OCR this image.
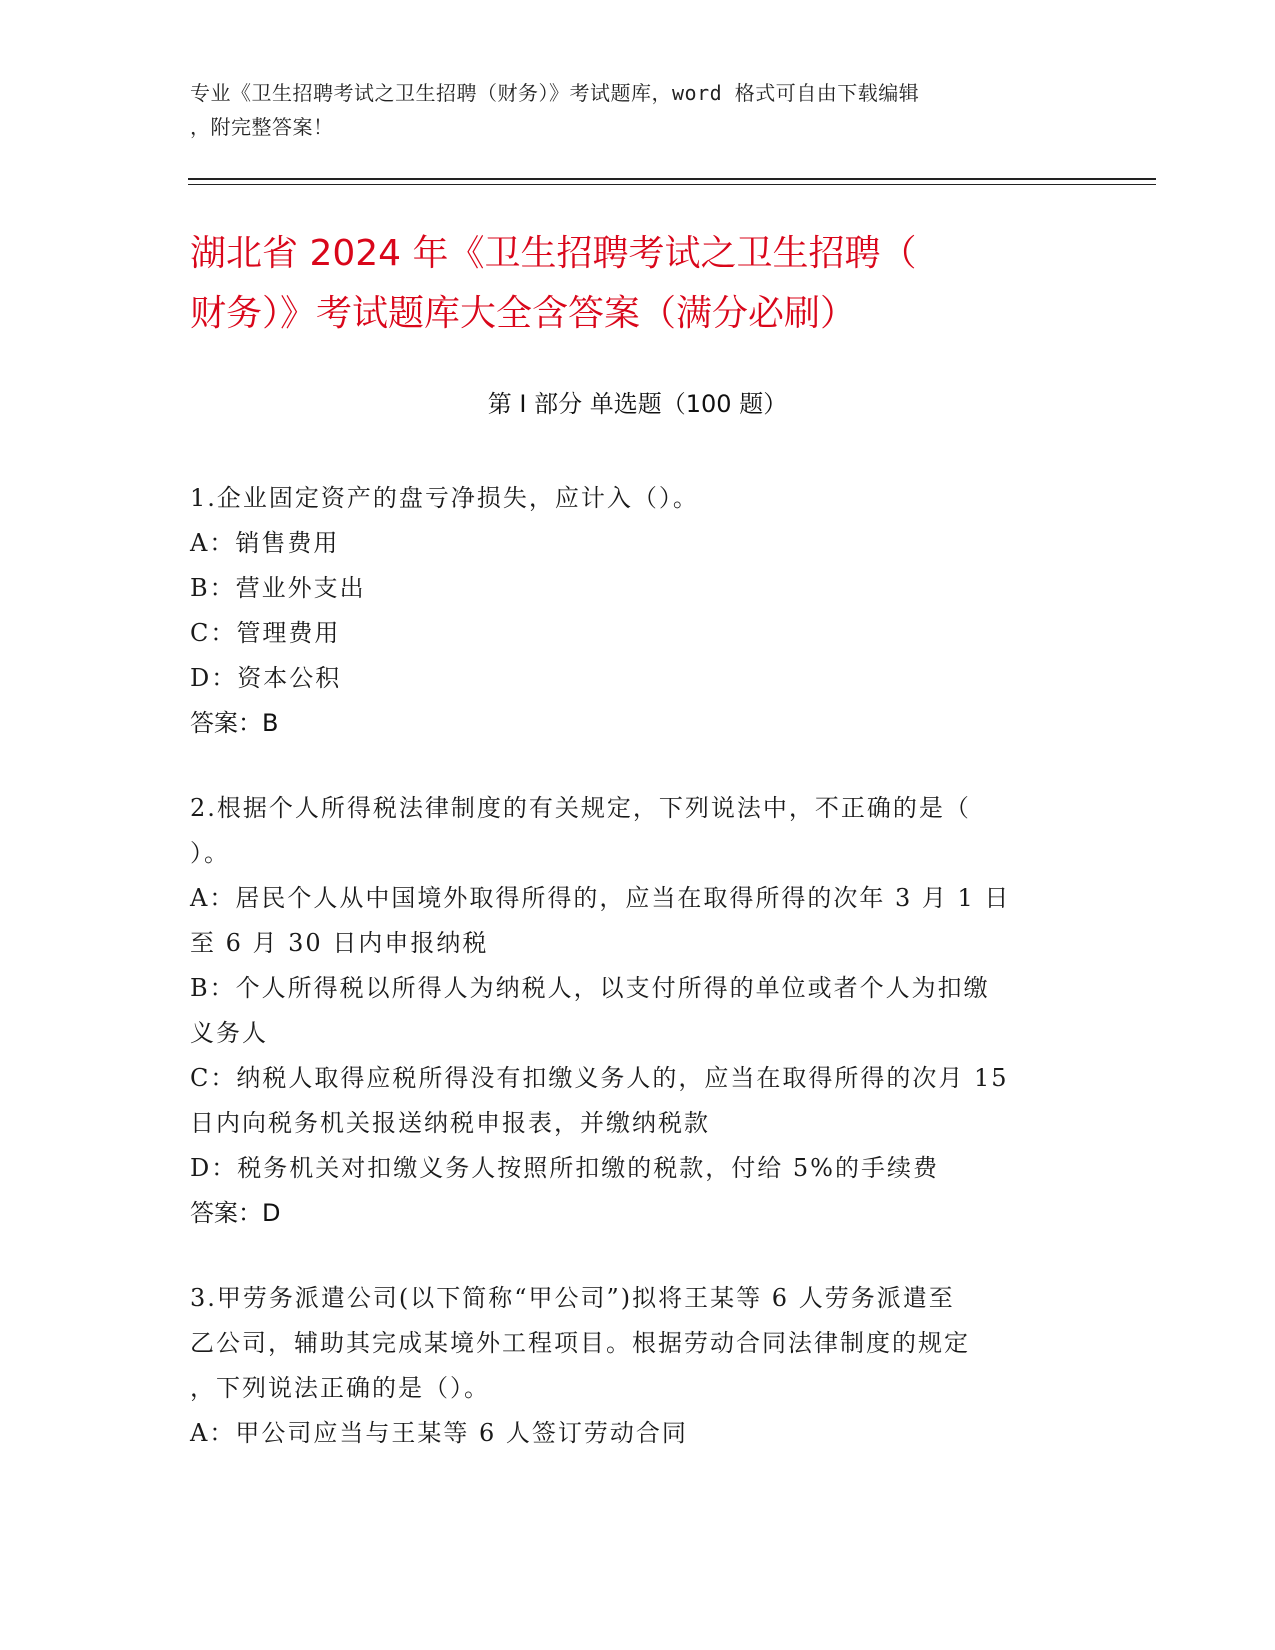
专业《卫生招聘考试之卫生招聘（财务）》考试题库，word 格式可自由下载编辑
，附完整答案！
湖北省 2024 年《卫生招聘考试之卫生招聘（
财务）》考试题库大全含答案（满分必刷）
第 I 部分 单选题（100 题）
1.企业固定资产的盘亏净损失，应计入（）。
A：销售费用
B：营业外支出
C：管理费用
D：资本公积
答案：B
2.根据个人所得税法律制度的有关规定，下列说法中，不正确的是（
）。
A：居民个人从中国境外取得所得的，应当在取得所得的次年 3 月 1 日
至 6 月 30 日内申报纳税
B：个人所得税以所得人为纳税人，以支付所得的单位或者个人为扣缴
义务人
C：纳税人取得应税所得没有扣缴义务人的，应当在取得所得的次月 15
日内向税务机关报送纳税申报表，并缴纳税款
D：税务机关对扣缴义务人按照所扣缴的税款，付给 5%的手续费
答案：D
3.甲劳务派遣公司(以下简称“甲公司”)拟将王某等 6 人劳务派遣至
乙公司，辅助其完成某境外工程项目。根据劳动合同法律制度的规定
，下列说法正确的是（）。
A：甲公司应当与王某等 6 人签订劳动合同
